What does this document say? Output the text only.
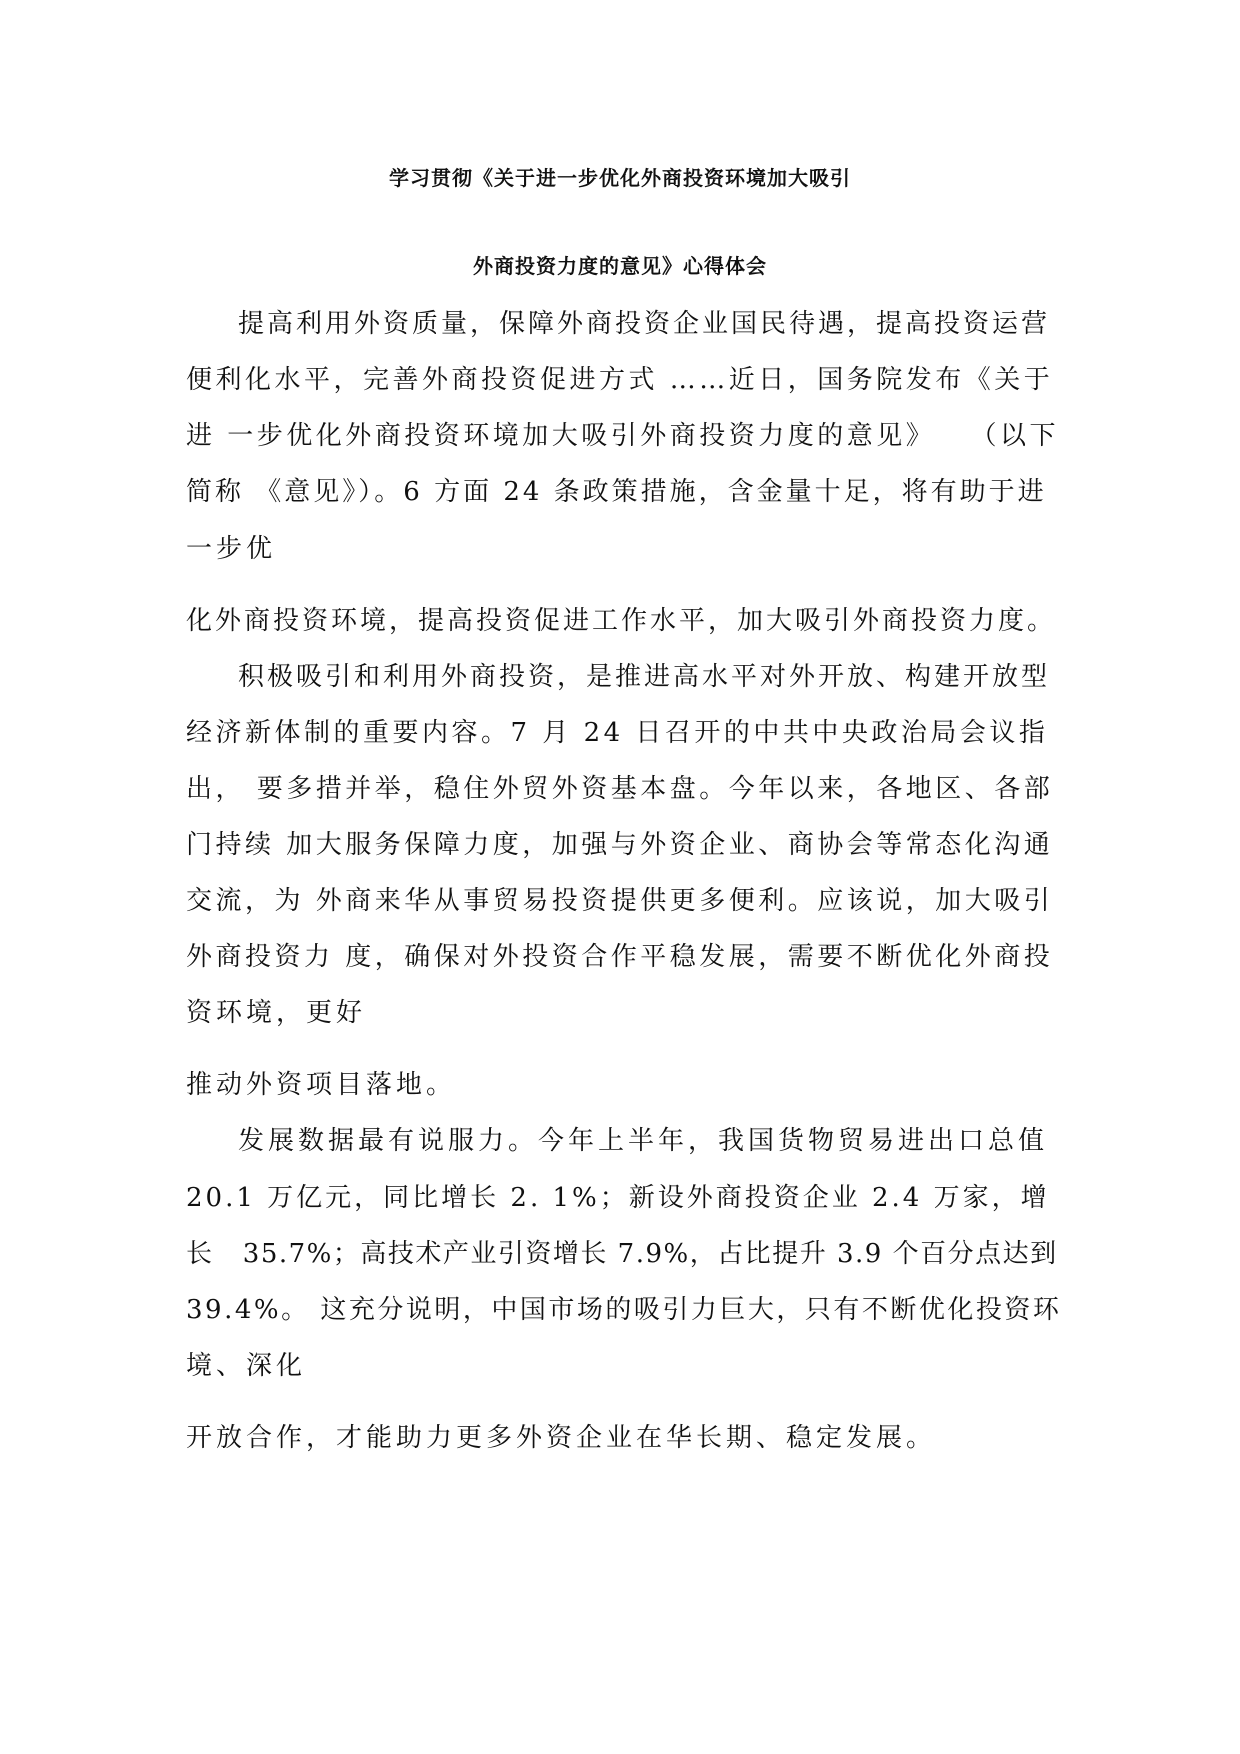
学习贯彻《关于进一步优化外商投资环境加大吸引
外商投资力度的意见》心得体会
提高利用外资质量，保障外商投资企业国民待遇，提高投资运营
便利化水平，完善外商投资促进方式 ……近日，国务院发布《关于
进 一步优化外商投资环境加大吸引外商投资力度的意见》   （以下
简称 《意见》）。6 方面 24 条政策措施，含金量十足，将有助于进
一步优
化外商投资环境，提高投资促进工作水平，加大吸引外商投资力度。
积极吸引和利用外商投资，是推进高水平对外开放、构建开放型
经济新体制的重要内容。7 月 24 日召开的中共中央政治局会议指
出， 要多措并举，稳住外贸外资基本盘。今年以来，各地区、各部
门持续 加大服务保障力度，加强与外资企业、商协会等常态化沟通
交流，为 外商来华从事贸易投资提供更多便利。应该说，加大吸引
外商投资力 度，确保对外投资合作平稳发展，需要不断优化外商投
资环境，更好
推动外资项目落地。
发展数据最有说服力。今年上半年，我国货物贸易进出口总值
20.1 万亿元，同比增长 2. 1%；新设外商投资企业 2.4 万家，增
长   35.7%；高技术产业引资增长 7.9%，占比提升 3.9 个百分点达到
39.4%。 这充分说明，中国市场的吸引力巨大，只有不断优化投资环
境、深化
开放合作，才能助力更多外资企业在华长期、稳定发展。
